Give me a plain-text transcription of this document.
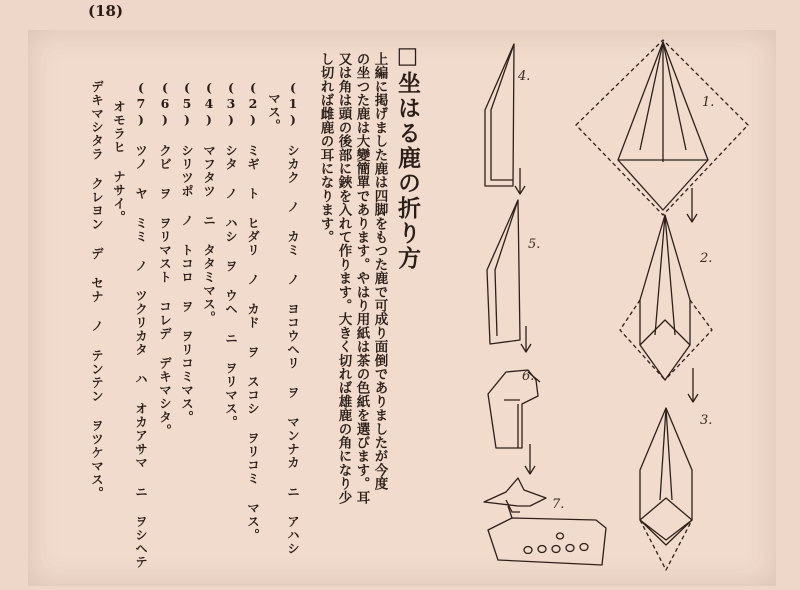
(18)
□坐はる鹿の折り方
上編に掲げました鹿は四脚をもつた鹿で可成り面倒でありましたが今度
の坐つた鹿は大變簡單であります。やはり用紙は茶の色紙を選びます。耳
又は角は頭の後部に鋏を入れて作ります。大きく切れば雄鹿の角になり少
し切れば雌鹿の耳になります。
(1) シカク ノ カミ ノ ヨコウヘリ ヲ マンナカ ニ アハシ
マス。
(2) ミギ ト ヒダリ ノ カド ヲ スコシ ヲリコミ マス。
(3) シタ ノ ハシ ヲ ウヘ ニ ヲリマス。
(4) マフタツ ニ タタミマス。
(5) シリツポ ノ トコロ ヲ ヲリコミマス。
(6) クビ ヲ ヲリマスト コレデ デキマシタ。
(7) ツノ ヤ ミミ ノ ツクリカタ ハ オカアサマ ニ ヲシヘテ
オモラヒ ナサイ。
デキマシタラ クレヨン デ セナ ノ テンテン ヲツケマス。	1.
2.
3.
4.
5.
6.
7.
